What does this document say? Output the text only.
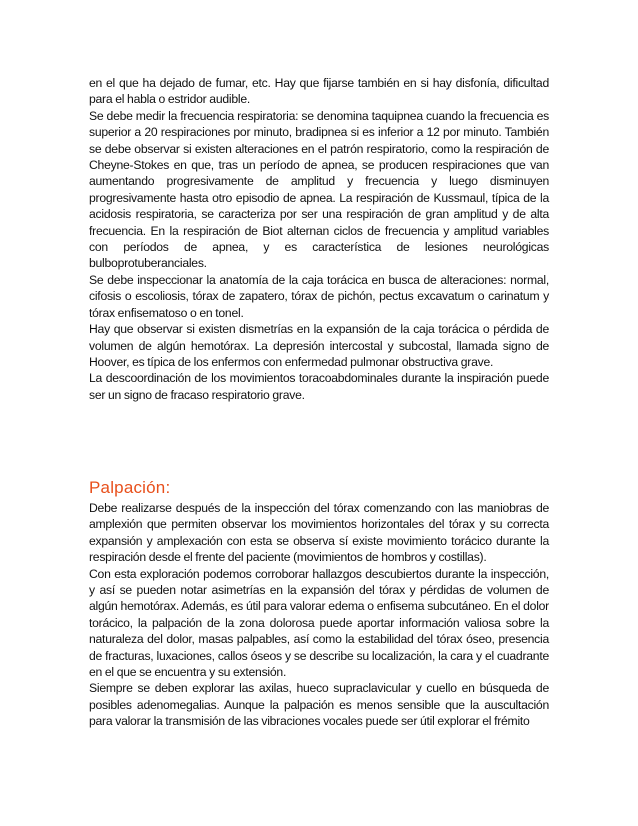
en el que ha dejado de fumar, etc. Hay que fijarse también en si hay disfonía, dificultad para el habla o estridor audible.

Se debe medir la frecuencia respiratoria: se denomina taquipnea cuando la frecuencia es superior a 20 respiraciones por minuto, bradipnea si es inferior a 12 por minuto. También se debe observar si existen alteraciones en el patrón respiratorio, como la respiración de Cheyne-Stokes en que, tras un período de apnea, se producen respiraciones que van aumentando progresivamente de amplitud y frecuencia y luego disminuyen progresivamente hasta otro episodio de apnea. La respiración de Kussmaul, típica de la acidosis respiratoria, se caracteriza por ser una respiración de gran amplitud y de alta frecuencia. En la respiración de Biot alternan ciclos de frecuencia y amplitud variables con períodos de apnea, y es característica de lesiones neurológicas bulboprotuberanciales.

Se debe inspeccionar la anatomía de la caja torácica en busca de alteraciones: normal, cifosis o escoliosis, tórax de zapatero, tórax de pichón, pectus excavatum o carinatum y tórax enfisematoso o en tonel.

Hay que observar si existen dismetrías en la expansión de la caja torácica o pérdida de volumen de algún hemotórax. La depresión intercostal y subcostal, llamada signo de Hoover, es típica de los enfermos con enfermedad pulmonar obstructiva grave.

La descoordinación de los movimientos toracoabdominales durante la inspiración puede ser un signo de fracaso respiratorio grave.

Palpación:

Debe realizarse después de la inspección del tórax comenzando con las maniobras de amplexión que permiten observar los movimientos horizontales del tórax y su correcta expansión y amplexación con esta se observa sí existe movimiento torácico durante la respiración desde el frente del paciente (movimientos de hombros y costillas).

Con esta exploración podemos corroborar hallazgos descubiertos durante la inspección, y así se pueden notar asimetrías en la expansión del tórax y pérdidas de volumen de algún hemotórax. Además, es útil para valorar edema o enfisema subcutáneo. En el dolor torácico, la palpación de la zona dolorosa puede aportar información valiosa sobre la naturaleza del dolor, masas palpables, así como la estabilidad del tórax óseo, presencia de fracturas, luxaciones, callos óseos y se describe su localización, la cara y el cuadrante en el que se encuentra y su extensión.

Siempre se deben explorar las axilas, hueco supraclavicular y cuello en búsqueda de posibles adenomegalias. Aunque la palpación es menos sensible que la auscultación para valorar la transmisión de las vibraciones vocales puede ser útil explorar el frémito
